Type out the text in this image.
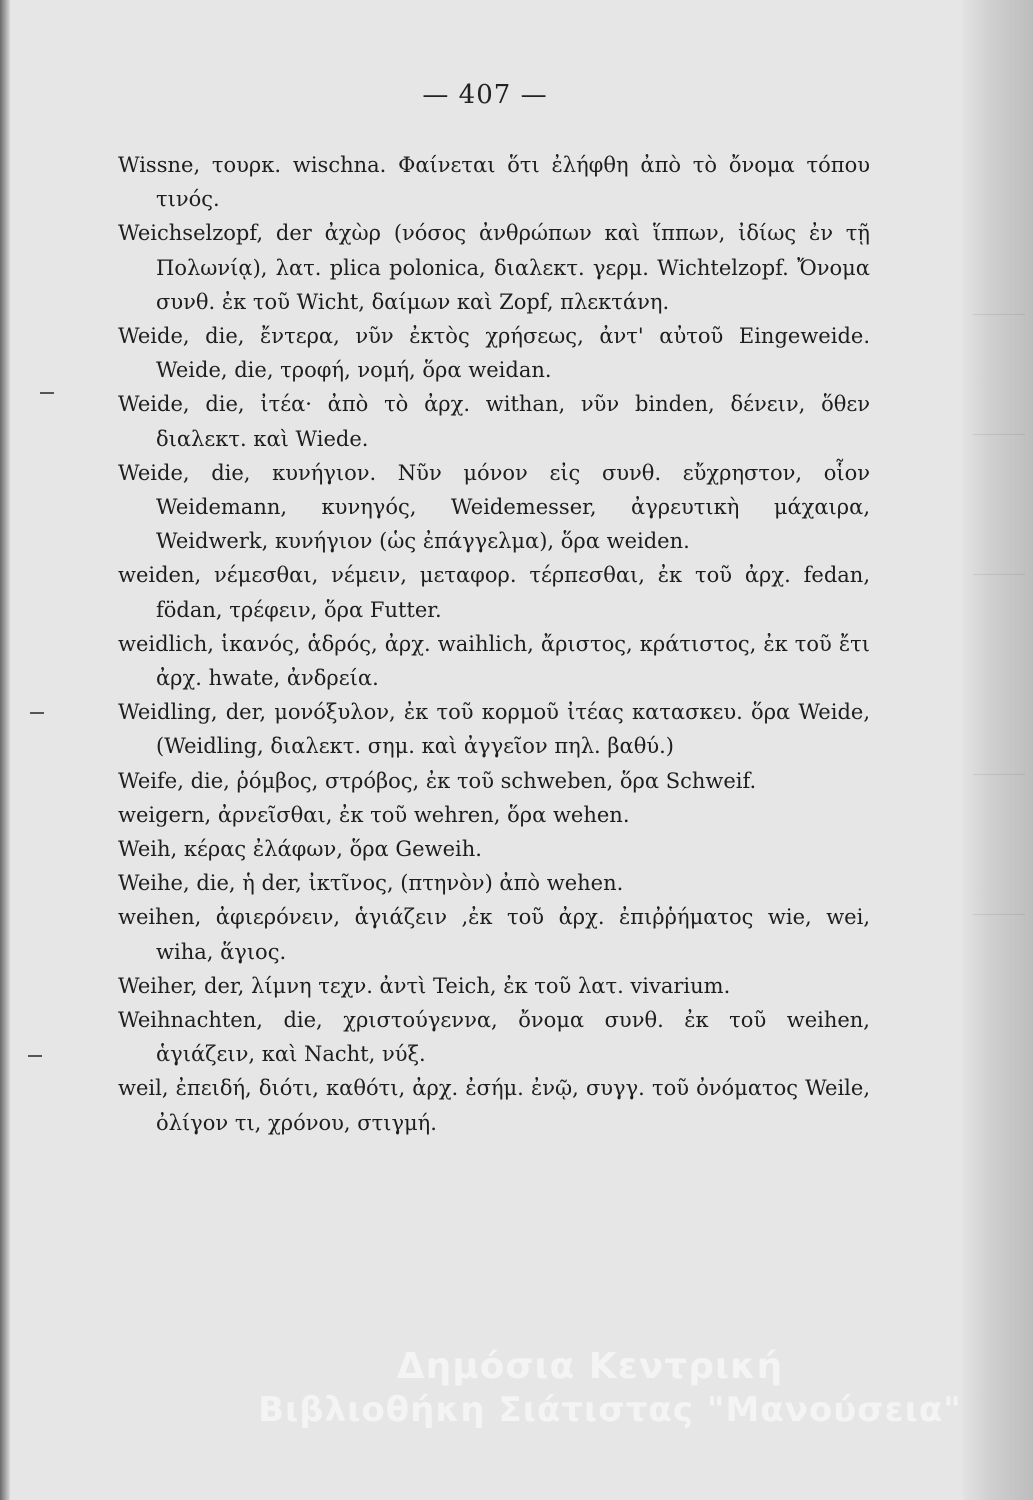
— 407 —

Wissne, τουρκ. wischna. Φαίνεται ὅτι ἐλήφθη ἀπὸ τὸ ὄνομα τόπου τινός.

Weichselzopf, der ἀχὼρ (νόσος ἀνθρώπων καὶ ἵππων, ἰδίως ἐν τῇ Πολωνίᾳ), λατ. plica polonica, διαλεκτ. γερμ. Wichtelzopf. Ὄνομα συνθ. ἐκ τοῦ Wicht, δαίμων καὶ Zopf, πλεκτάνη.

Weide, die, ἔντερα, νῦν ἐκτὸς χρήσεως, ἀντ' αὐτοῦ Eingeweide. Weide, die, τροφή, νομή, ὅρα weidan.

Weide, die, ἰτέα· ἀπὸ τὸ ἀρχ. withan, νῦν binden, δένειν, ὅθεν διαλεκτ. καὶ Wiede.

Weide, die, κυνήγιον. Νῦν μόνον εἰς συνθ. εὔχρηστον, οἷον Weidemann, κυνηγός, Weidemesser, ἀγρευτικὴ μάχαιρα, Weidwerk, κυνήγιον (ὡς ἐπάγγελμα), ὅρα weiden.

weiden, νέμεσθαι, νέμειν, μεταφορ. τέρπεσθαι, ἐκ τοῦ ἀρχ. fedan, födan, τρέφειν, ὅρα Futter.

weidlich, ἱκανός, ἁδρός, ἀρχ. waihlich, ἄριστος, κράτιστος, ἐκ τοῦ ἔτι ἀρχ. hwate, ἀνδρεία.

Weidling, der, μονόξυλον, ἐκ τοῦ κορμοῦ ἰτέας κατασκευ. ὅρα Weide, (Weidling, διαλεκτ. σημ. καὶ ἀγγεῖον πηλ. βαθύ.)

Weife, die, ῥόμβος, στρόβος, ἐκ τοῦ schweben, ὅρα Schweif.

weigern, ἀρνεῖσθαι, ἐκ τοῦ wehren, ὅρα wehen.

Weih, κέρας ἐλάφων, ὅρα Geweih.

Weihe, die, ἡ der, ἰκτῖνος, (πτηνὸν) ἀπὸ wehen.

weihen, ἀφιερόνειν, ἁγιάζειν ,ἐκ τοῦ ἀρχ. ἐπιῤῥήματος wie, wei, wiha, ἅγιος.

Weiher, der, λίμνη τεχν. ἀντὶ Teich, ἐκ τοῦ λατ. vivarium.

Weihnachten, die, χριστούγεννα, ὄνομα συνθ. ἐκ τοῦ weihen, ἁγιάζειν, καὶ Nacht, νύξ.

weil, ἐπειδή, διότι, καθότι, ἀρχ. ἐσήμ. ἐνῷ, συγγ. τοῦ ὀνόματος Weile, ὀλίγον τι, χρόνου, στιγμή.

Δημόσια Κεντρική
Βιβλιοθήκη Σιάτιστας "Μανούσεια"
